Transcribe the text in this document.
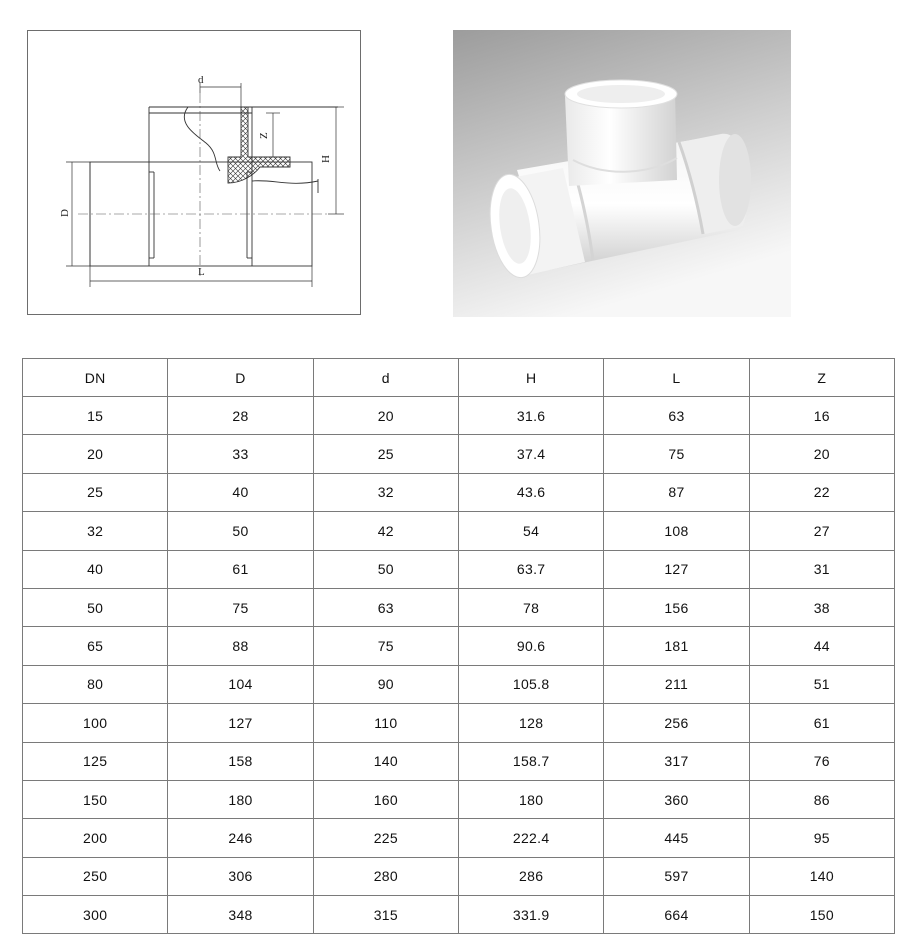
d
Z
H
D
L
DN	D	d	H	L	Z
15	28	20	31.6	63	16
20	33	25	37.4	75	20
25	40	32	43.6	87	22
32	50	42	54	108	27
40	61	50	63.7	127	31
50	75	63	78	156	38
65	88	75	90.6	181	44
80	104	90	105.8	211	51
100	127	110	128	256	61
125	158	140	158.7	317	76
150	180	160	180	360	86
200	246	225	222.4	445	95
250	306	280	286	597	140
300	348	315	331.9	664	150
